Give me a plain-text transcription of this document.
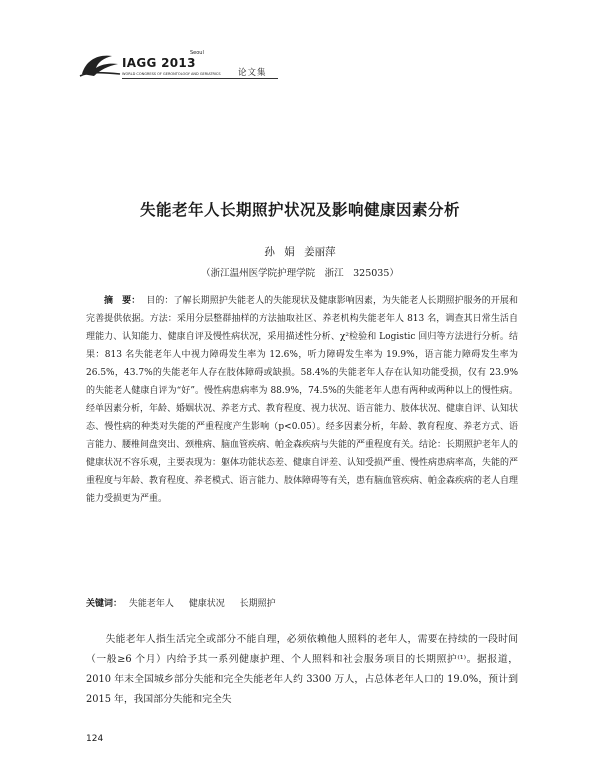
Seoul
IAGG 2013
WORLD CONGRESS OF GERONTOLOGY AND GERIATRICS 论文集
失能老年人长期照护状况及影响健康因素分析
孙 娟 姜丽萍
（浙江温州医学院护理学院　浙江　325035）
摘　要： 目的：了解长期照护失能老人的失能现状及健康影响因素，为失能老人长期照护服务的开展和完善提供依据。方法：采用分层整群抽样的方法抽取社区、养老机构失能老年人 813 名，调查其日常生活自理能力、认知能力、健康自评及慢性病状况，采用描述性分析、χ²检验和 Logistic 回归等方法进行分析。结果：813 名失能老年人中视力障碍发生率为 12.6%，听力障碍发生率为 19.9%，语言能力障碍发生率为 26.5%，43.7%的失能老年人存在肢体障碍或缺损。58.4%的失能老年人存在认知功能受损，仅有 23.9%的失能老人健康自评为“好”。慢性病患病率为 88.9%，74.5%的失能老年人患有两种或两种以上的慢性病。经单因素分析，年龄、婚姻状况、养老方式、教育程度、视力状况、语言能力、肢体状况、健康自评、认知状态、慢性病的种类对失能的严重程度产生影响（p<0.05）。经多因素分析，年龄、教育程度、养老方式、语言能力、腰椎间盘突出、颈椎病、脑血管疾病、帕金森疾病与失能的严重程度有关。结论：长期照护老年人的健康状况不容乐观，主要表现为：躯体功能状态差、健康自评差、认知受损严重、慢性病患病率高，失能的严重程度与年龄、教育程度、养老模式、语言能力、肢体障碍等有关，患有脑血管疾病、帕金森疾病的老人自理能力受损更为严重。
关键词： 失能老年人 健康状况 长期照护
失能老年人指生活完全或部分不能自理，必须依赖他人照料的老年人，需要在持续的一段时间（一般≥6 个月）内给予其一系列健康护理、个人照料和社会服务项目的长期照护⁽¹⁾。据报道，2010 年末全国城乡部分失能和完全失能老年人约 3300 万人，占总体老年人口的 19.0%，预计到 2015 年，我国部分失能和完全失
124
